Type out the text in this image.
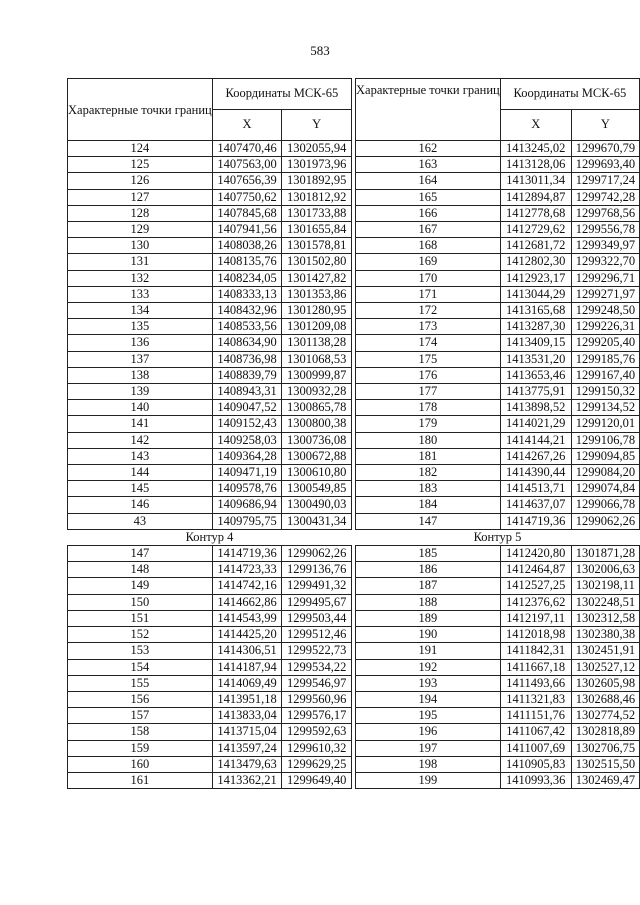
583
Характерные точки границ	Координаты МСК-65	
	X	Y
124	1407470,46	1302055,94
125	1407563,00	1301973,96
126	1407656,39	1301892,95
127	1407750,62	1301812,92
128	1407845,68	1301733,88
129	1407941,56	1301655,84
130	1408038,26	1301578,81
131	1408135,76	1301502,80
132	1408234,05	1301427,82
133	1408333,13	1301353,86
134	1408432,96	1301280,95
135	1408533,56	1301209,08
136	1408634,90	1301138,28
137	1408736,98	1301068,53
138	1408839,79	1300999,87
139	1408943,31	1300932,28
140	1409047,52	1300865,78
141	1409152,43	1300800,38
142	1409258,03	1300736,08
143	1409364,28	1300672,88
144	1409471,19	1300610,80
145	1409578,76	1300549,85
146	1409686,94	1300490,03
43	1409795,75	1300431,34
Контур 4		
147	1414719,36	1299062,26
148	1414723,33	1299136,76
149	1414742,16	1299491,32
150	1414662,86	1299495,67
151	1414543,99	1299503,44
152	1414425,20	1299512,46
153	1414306,51	1299522,73
154	1414187,94	1299534,22
155	1414069,49	1299546,97
156	1413951,18	1299560,96
157	1413833,04	1299576,17
158	1413715,04	1299592,63
159	1413597,24	1299610,32
160	1413479,63	1299629,25
161	1413362,21	1299649,40
Характерные точки границ	Координаты МСК-65	
	X	Y
162	1413245,02	1299670,79
163	1413128,06	1299693,40
164	1413011,34	1299717,24
165	1412894,87	1299742,28
166	1412778,68	1299768,56
167	1412729,62	1299556,78
168	1412681,72	1299349,97
169	1412802,30	1299322,70
170	1412923,17	1299296,71
171	1413044,29	1299271,97
172	1413165,68	1299248,50
173	1413287,30	1299226,31
174	1413409,15	1299205,40
175	1413531,20	1299185,76
176	1413653,46	1299167,40
177	1413775,91	1299150,32
178	1413898,52	1299134,52
179	1414021,29	1299120,01
180	1414144,21	1299106,78
181	1414267,26	1299094,85
182	1414390,44	1299084,20
183	1414513,71	1299074,84
184	1414637,07	1299066,78
147	1414719,36	1299062,26
Контур 5		
185	1412420,80	1301871,28
186	1412464,87	1302006,63
187	1412527,25	1302198,11
188	1412376,62	1302248,51
189	1412197,11	1302312,58
190	1412018,98	1302380,38
191	1411842,31	1302451,91
192	1411667,18	1302527,12
193	1411493,66	1302605,98
194	1411321,83	1302688,46
195	1411151,76	1302774,52
196	1411067,42	1302818,89
197	1411007,69	1302706,75
198	1410905,83	1302515,50
199	1410993,36	1302469,47
